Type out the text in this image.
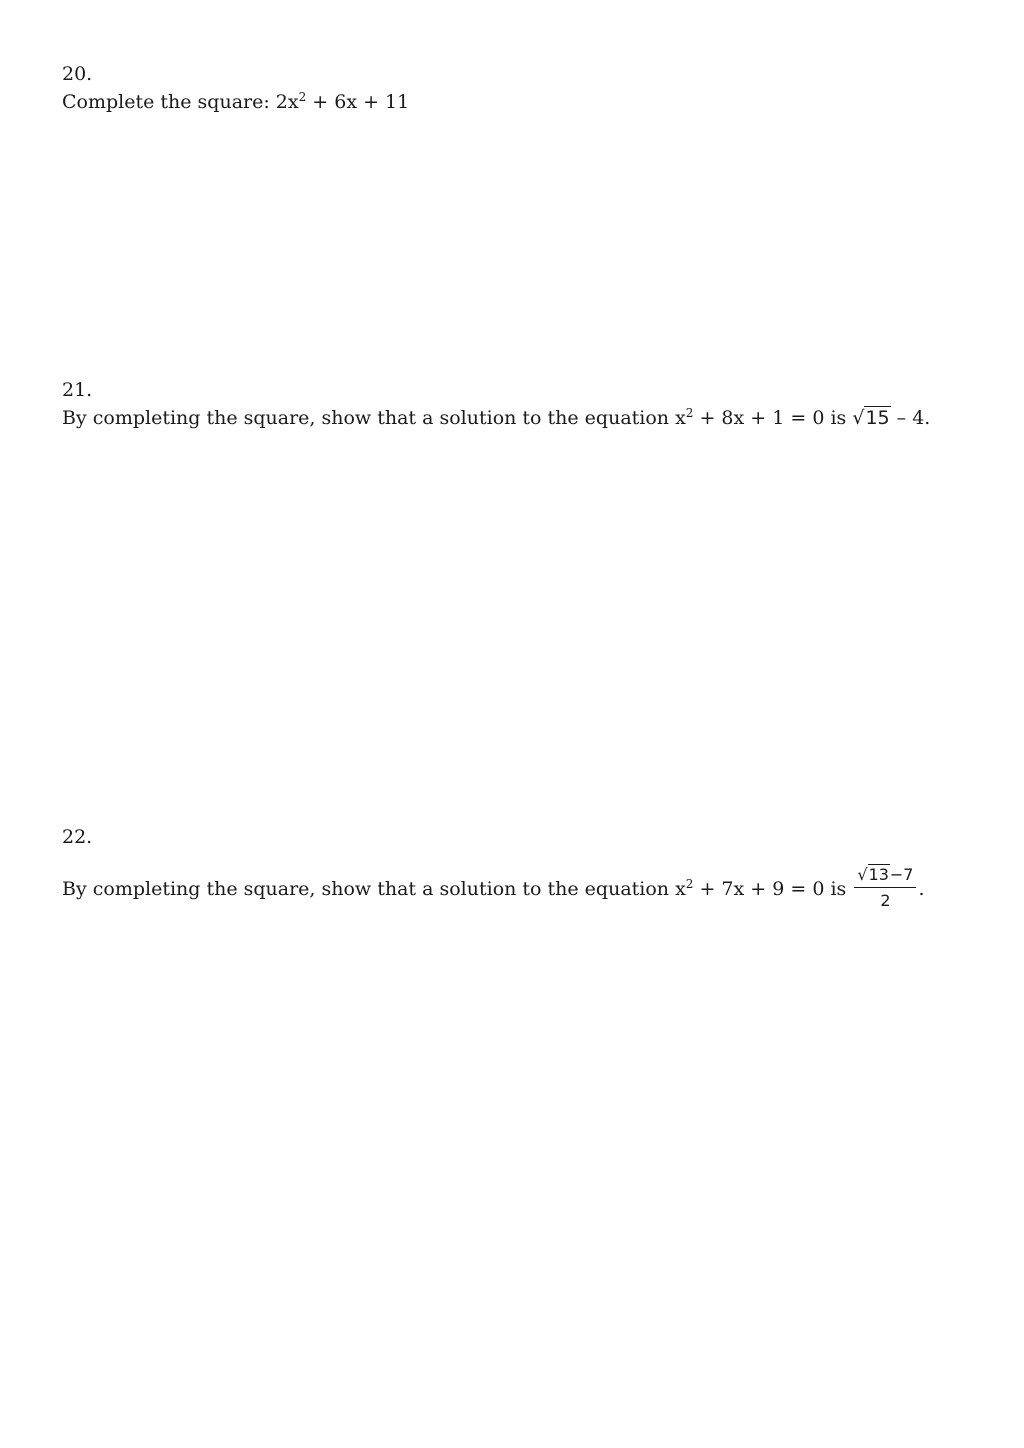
20.
Complete the square: $2x^2 + 6x + 11$
21.
By completing the square, show that a solution to the equation $x^2 + 8x + 1 = 0$ is √15 – 4.
22.
By completing the square, show that a solution to the equation $x^2 + 7x + 9 = 0$ is $\frac{√13-7}{2}$ .
